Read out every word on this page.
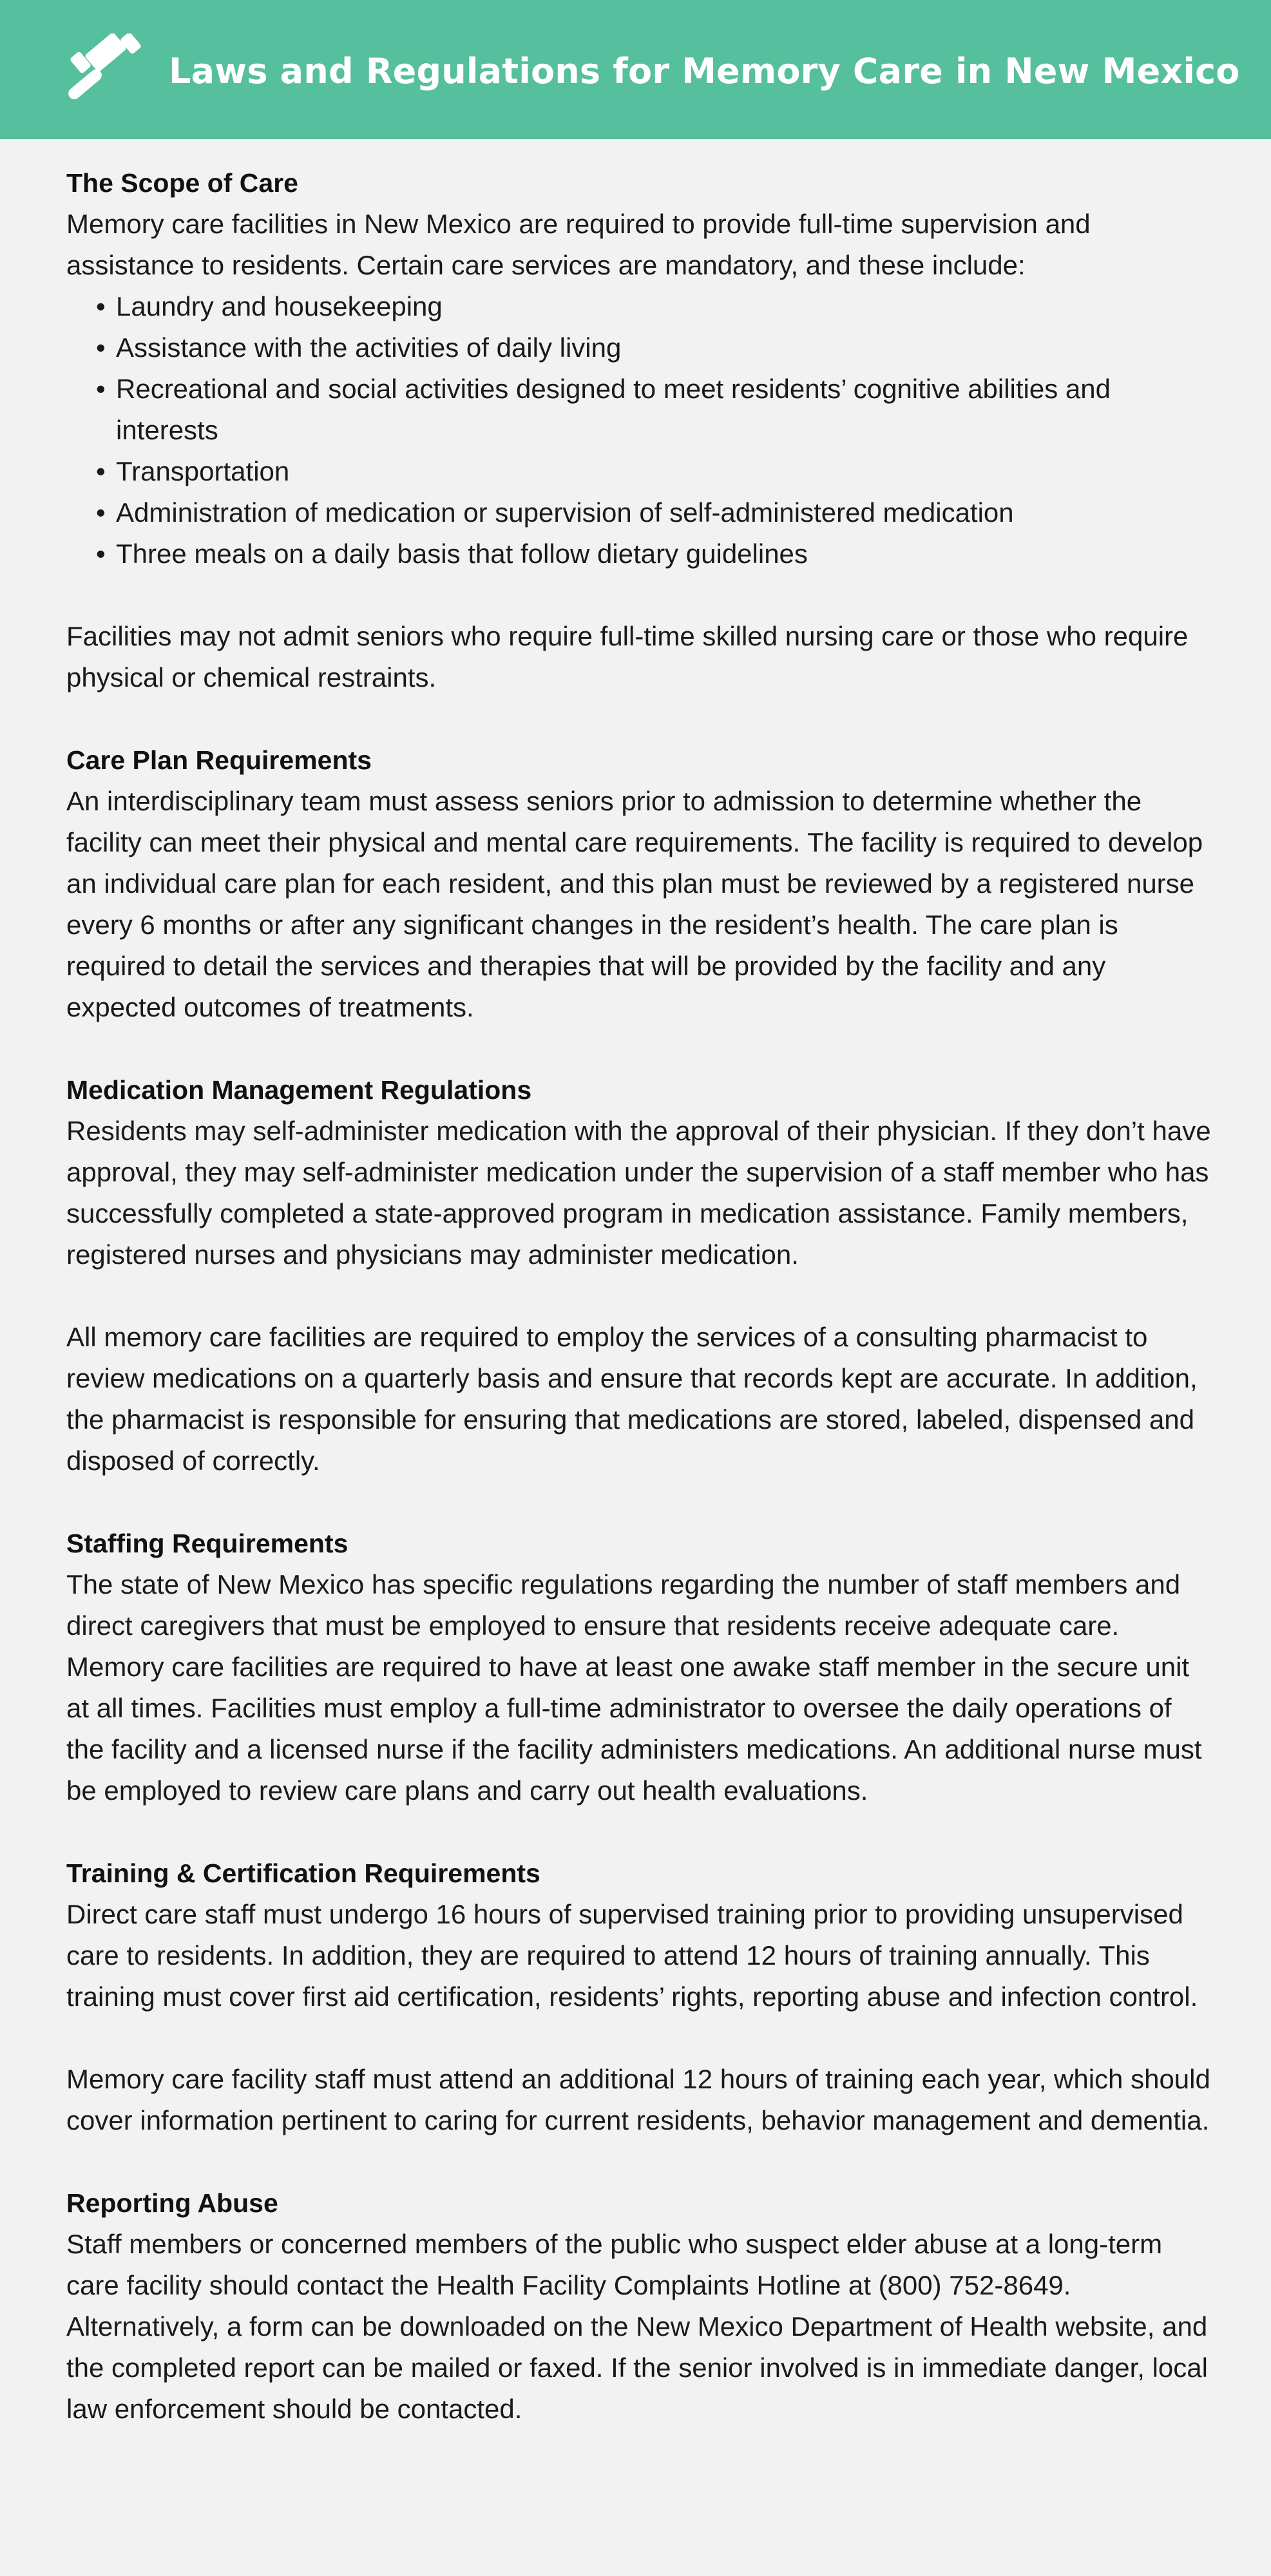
Laws and Regulations for Memory Care in New Mexico
The Scope of Care

Memory care facilities in New Mexico are required to provide full-time supervision and assistance to residents. Certain care services are mandatory, and these include:

• Laundry and housekeeping
• Assistance with the activities of daily living
• Recreational and social activities designed to meet residents’ cognitive abilities and interests
• Transportation
• Administration of medication or supervision of self-administered medication
• Three meals on a daily basis that follow dietary guidelines

Facilities may not admit seniors who require full-time skilled nursing care or those who require physical or chemical restraints.

Care Plan Requirements

An interdisciplinary team must assess seniors prior to admission to determine whether the facility can meet their physical and mental care requirements. The facility is required to develop an individual care plan for each resident, and this plan must be reviewed by a registered nurse every 6 months or after any significant changes in the resident’s health. The care plan is required to detail the services and therapies that will be provided by the facility and any expected outcomes of treatments.

Medication Management Regulations

Residents may self-administer medication with the approval of their physician. If they don’t have approval, they may self-administer medication under the supervision of a staff member who has successfully completed a state-approved program in medication assistance. Family members, registered nurses and physicians may administer medication.

All memory care facilities are required to employ the services of a consulting pharmacist to review medications on a quarterly basis and ensure that records kept are accurate. In addition, the pharmacist is responsible for ensuring that medications are stored, labeled, dispensed and disposed of correctly.

Staffing Requirements

The state of New Mexico has specific regulations regarding the number of staff members and direct caregivers that must be employed to ensure that residents receive adequate care. Memory care facilities are required to have at least one awake staff member in the secure unit at all times. Facilities must employ a full-time administrator to oversee the daily operations of the facility and a licensed nurse if the facility administers medications. An additional nurse must be employed to review care plans and carry out health evaluations.

Training & Certification Requirements

Direct care staff must undergo 16 hours of supervised training prior to providing unsupervised care to residents. In addition, they are required to attend 12 hours of training annually. This training must cover first aid certification, residents’ rights, reporting abuse and infection control.

Memory care facility staff must attend an additional 12 hours of training each year, which should cover information pertinent to caring for current residents, behavior management and dementia.

Reporting Abuse

Staff members or concerned members of the public who suspect elder abuse at a long-term care facility should contact the Health Facility Complaints Hotline at (800) 752-8649. Alternatively, a form can be downloaded on the New Mexico Department of Health website, and the completed report can be mailed or faxed. If the senior involved is in immediate danger, local law enforcement should be contacted.
